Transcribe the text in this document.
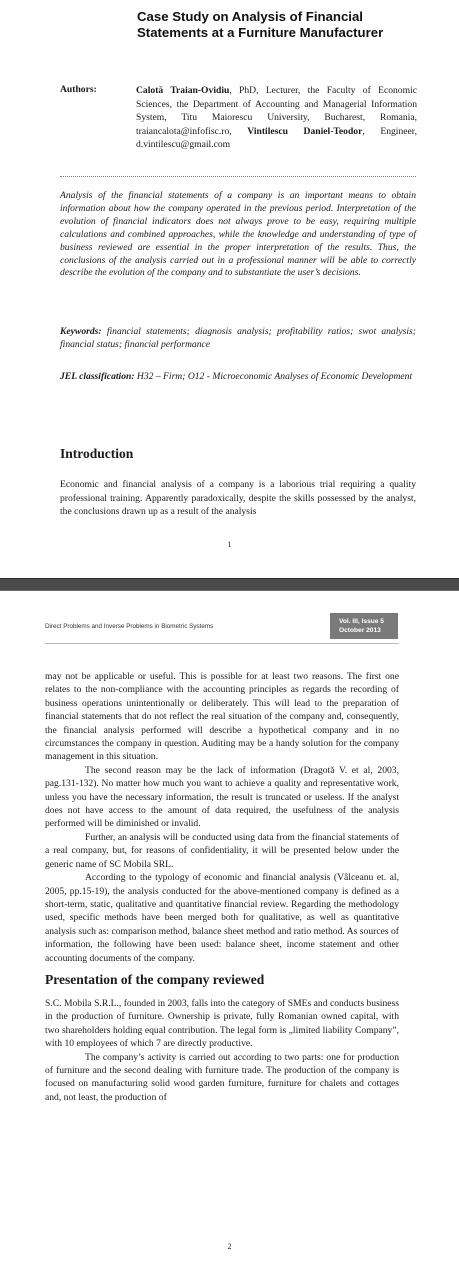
Case Study on Analysis of Financial Statements at a Furniture Manufacturer
Authors:	Calotă Traian-Ovidiu, PhD, Lecturer, the Faculty of Economic Sciences, the Department of Accounting and Managerial Information System, Titu Maiorescu University, Bucharest, Romania, traiancalota@infofisc.ro, Vintilescu Daniel-Teodor, Engineer, d.vintilescu@gmail.com
Analysis of the financial statements of a company is an important means to obtain information about how the company operated in the previous period. Interpretation of the evolution of financial indicators does not always prove to be easy, requiring multiple calculations and combined approaches, while the knowledge and understanding of type of business reviewed are essential in the proper interpretation of the results. Thus, the conclusions of the analysis carried out in a professional manner will be able to correctly describe the evolution of the company and to substantiate the user’s decisions.
Keywords: financial statements; diagnosis analysis; profitability ratios; swot analysis; financial status; financial performance
JEL classification: H32 – Firm; O12 - Microeconomic Analyses of Economic Development
Introduction
Economic and financial analysis of a company is a laborious trial requiring a quality professional training. Apparently paradoxically, despite the skills possessed by the analyst, the conclusions drawn up as a result of the analysis
1
Direct Problems and Inverse Problems in Biometric Systems
Vol. III, Issue 5
October 2013

may not be applicable or useful. This is possible for at least two reasons. The first one relates to the non-compliance with the accounting principles as regards the recording of business operations unintentionally or deliberately. This will lead to the preparation of financial statements that do not reflect the real situation of the company and, consequently, the financial analysis performed will describe a hypothetical company and in no circumstances the company in question. Auditing may be a handy solution for the company management in this situation.

The second reason may be the lack of information (Dragotă V. et al, 2003, pag.131-132). No matter how much you want to achieve a quality and representative work, unless you have the necessary information, the result is truncated or useless. If the analyst does not have access to the amount of data required, the usefulness of the analysis performed will be diminished or invalid.

Further, an analysis will be conducted using data from the financial statements of a real company, but, for reasons of confidentiality, it will be presented below under the generic name of SC Mobila SRL.

According to the typology of economic and financial analysis (Vâlceanu et. al, 2005, pp.15-19), the analysis conducted for the above-mentioned company is defined as a short-term, static, qualitative and quantitative financial review. Regarding the methodology used, specific methods have been merged both for qualitative, as well as quantitative analysis such as: comparison method, balance sheet method and ratio method. As sources of information, the following have been used: balance sheet, income statement and other accounting documents of the company.

Presentation of the company reviewed

S.C. Mobila S.R.L., founded in 2003, falls into the category of SMEs and conducts business in the production of furniture. Ownership is private, fully Romanian owned capital, with two shareholders holding equal contribution. The legal form is „limited liability Company”, with 10 employees of which 7 are directly productive.

The company’s activity is carried out according to two parts: one for production of furniture and the second dealing with furniture trade. The production of the company is focused on manufacturing solid wood garden furniture, furniture for chalets and cottages and, not least, the production of

2
